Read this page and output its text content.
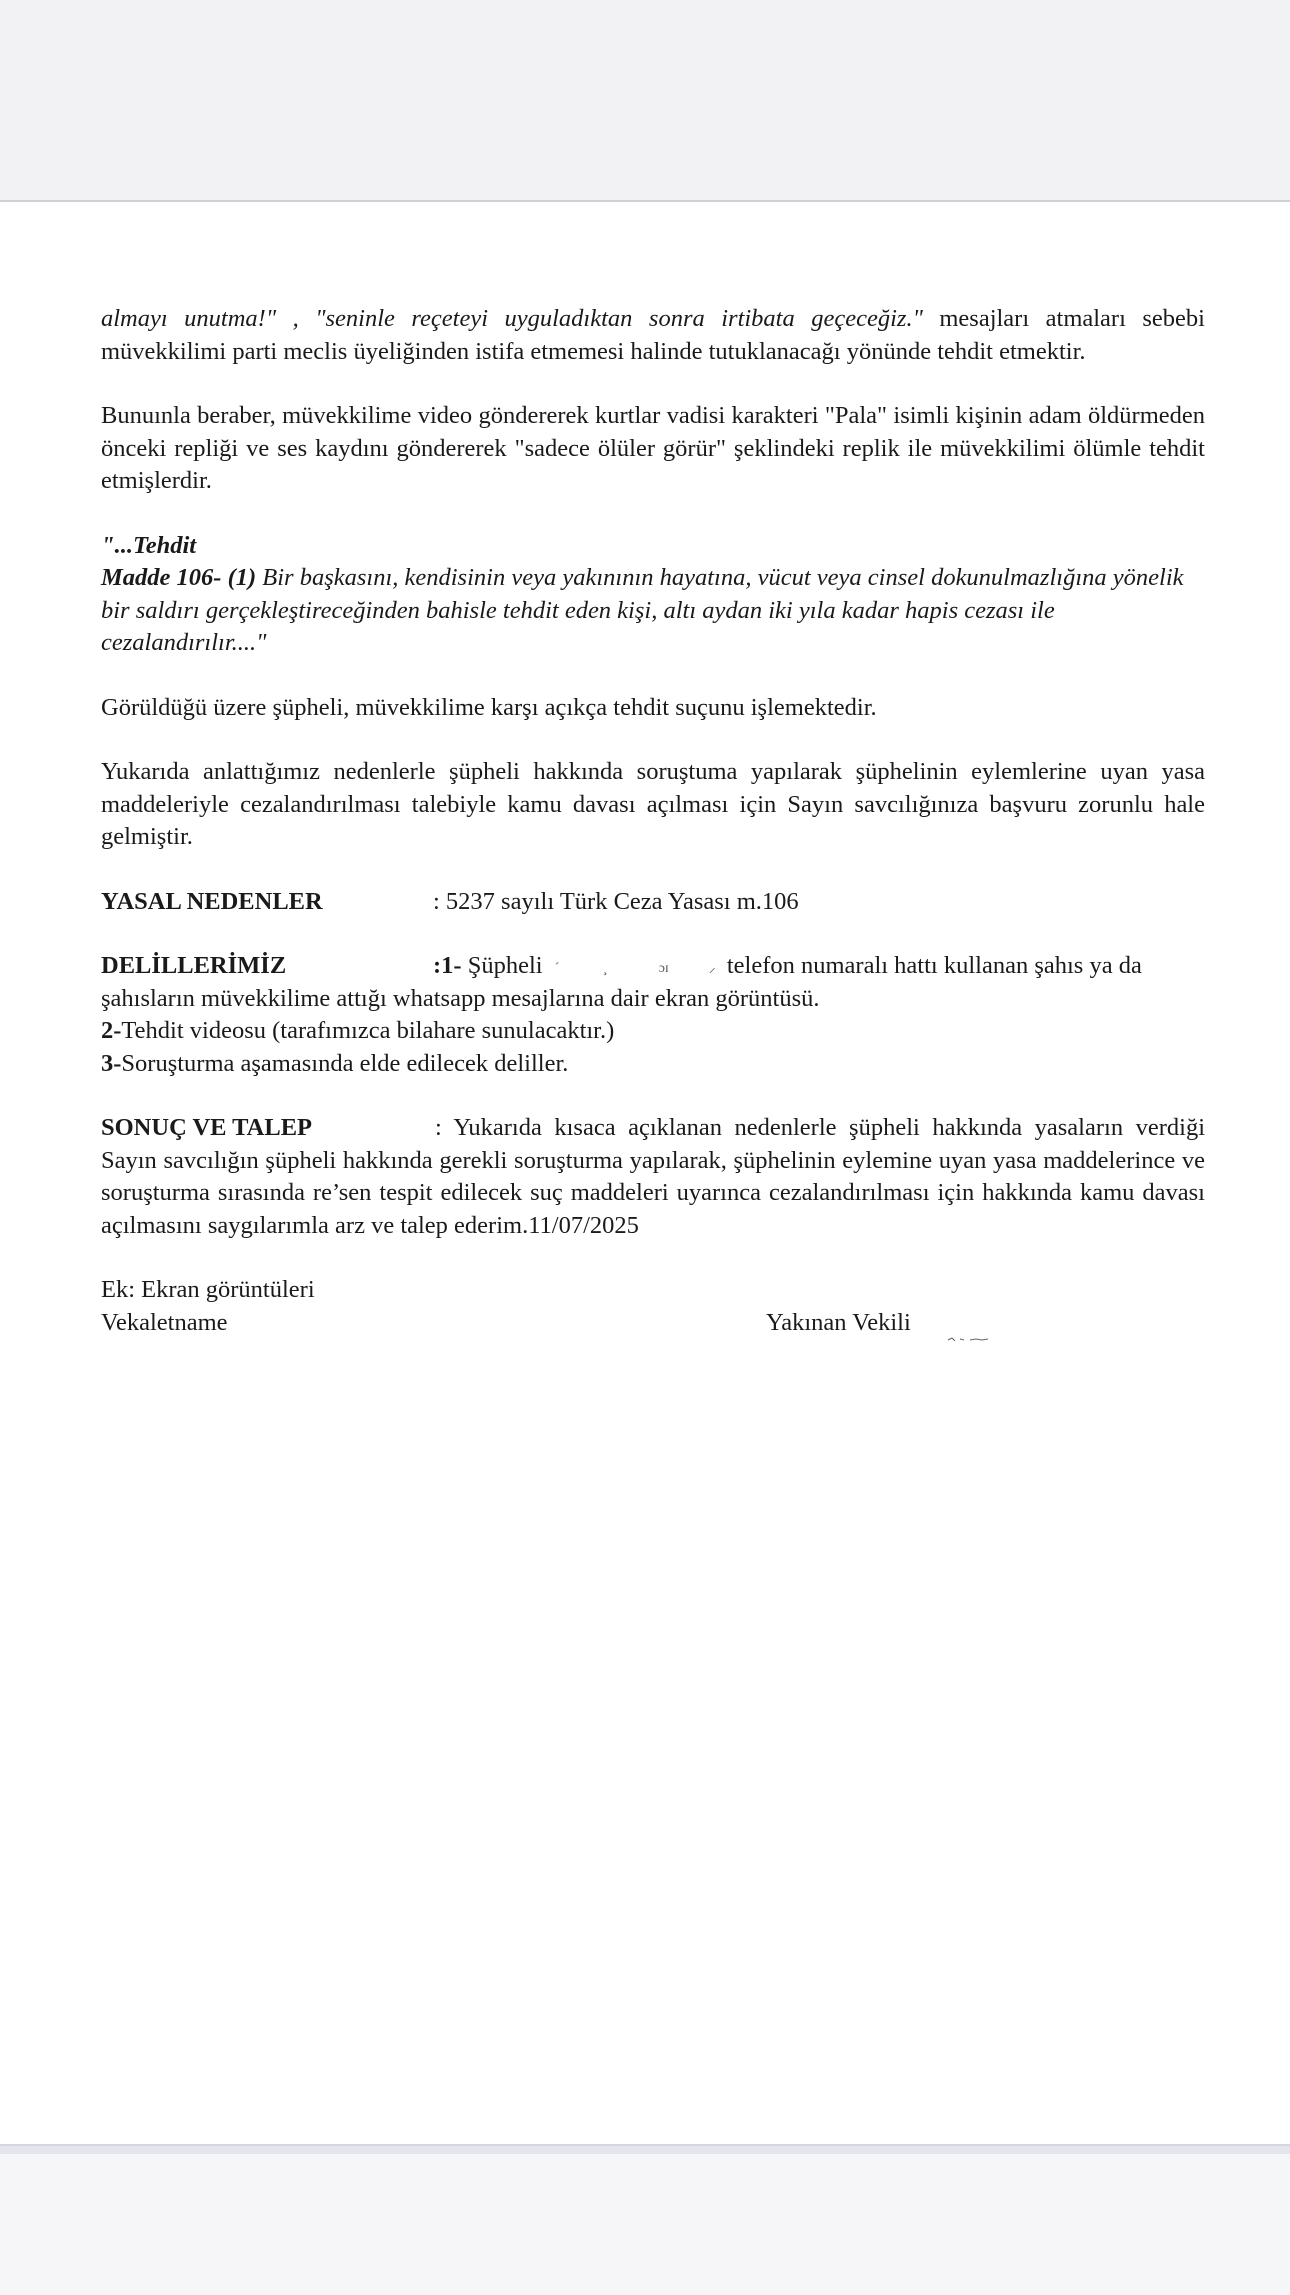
almayı unutma!" , "seninle reçeteyi uyguladıktan sonra irtibata geçeceğiz." mesajları atmaları sebebi müvekkilimi parti meclis üyeliğinden istifa etmemesi halinde tutuklanacağı yönünde tehdit etmektir.

Bunuınla beraber, müvekkilime video göndererek kurtlar vadisi karakteri "Pala" isimli kişinin adam öldürmeden önceki repliği ve ses kaydını göndererek "sadece ölüler görür" şeklindeki replik ile müvekkilimi ölümle tehdit etmişlerdir.

"...Tehdit

Madde 106- (1) Bir başkasını, kendisinin veya yakınının hayatına, vücut veya cinsel dokunulmazlığına yönelik bir saldırı gerçekleştireceğinden bahisle tehdit eden kişi, altı aydan iki yıla kadar hapis cezası ile cezalandırılır...."

Görüldüğü üzere şüpheli, müvekkilime karşı açıkça tehdit suçunu işlemektedir.

Yukarıda anlattığımız nedenlerle şüpheli hakkında soruştuma yapılarak şüphelinin eylemlerine uyan yasa maddeleriyle cezalandırılması talebiyle kamu davası açılması için Sayın savcılığınıza başvuru zorunlu hale gelmiştir.

YASAL NEDENLER	: 5237 sayılı Türk Ceza Yasası m.106

DELİLLERİMİZ	:1- Şüpheli ´	¸	ɔɪ	⸝ telefon numaralı hattı kullanan şahıs ya da şahısların müvekkilime attığı whatsapp mesajlarına dair ekran görüntüsü.

2-Tehdit videosu (tarafımızca bilahare sunulacaktır.)

3-Soruşturma aşamasında elde edilecek deliller.

SONUÇ VE TALEP	: Yukarıda kısaca açıklanan nedenlerle şüpheli hakkında yasaların verdiği Sayın savcılığın şüpheli hakkında gerekli soruşturma yapılarak, şüphelinin eylemine uyan yasa maddelerince ve soruşturma sırasında re’sen tespit edilecek suç maddeleri uyarınca cezalandırılması için hakkında kamu davası açılmasını saygılarımla arz ve talep ederim.11/07/2025

Ek: Ekran görüntüleri

Vekaletname	Yakınan Vekili
